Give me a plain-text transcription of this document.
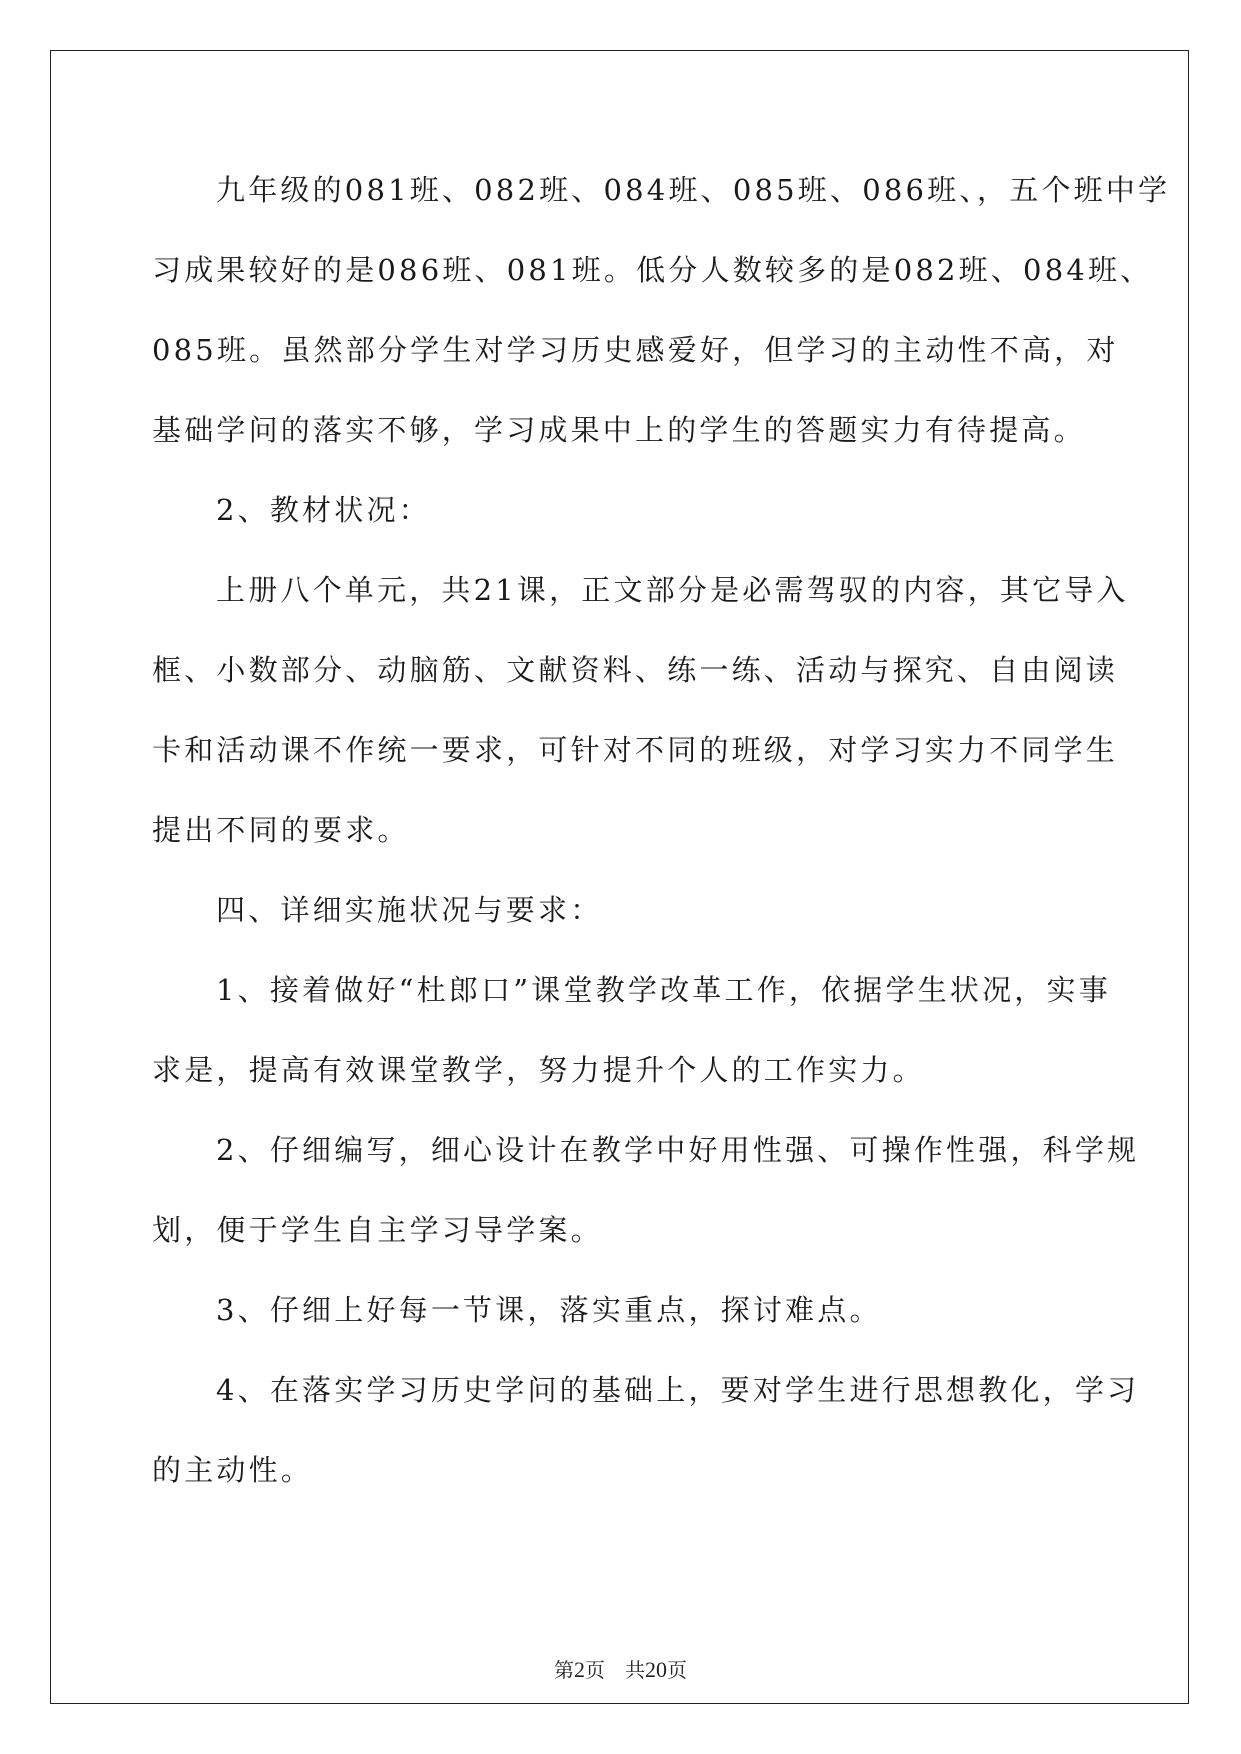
九年级的081班、082班、084班、085班、086班、，五个班中学
习成果较好的是086班、081班。低分人数较多的是082班、084班、
085班。虽然部分学生对学习历史感爱好，但学习的主动性不高，对
基础学问的落实不够，学习成果中上的学生的答题实力有待提高。
2、教材状况：
上册八个单元，共21课，正文部分是必需驾驭的内容，其它导入
框、小数部分、动脑筋、文献资料、练一练、活动与探究、自由阅读
卡和活动课不作统一要求，可针对不同的班级，对学习实力不同学生
提出不同的要求。
四、详细实施状况与要求：
1、接着做好“杜郎口”课堂教学改革工作，依据学生状况，实事
求是，提高有效课堂教学，努力提升个人的工作实力。
2、仔细编写，细心设计在教学中好用性强、可操作性强，科学规
划，便于学生自主学习导学案。
3、仔细上好每一节课，落实重点，探讨难点。
4、在落实学习历史学问的基础上，要对学生进行思想教化，学习
的主动性。
第2页 共20页
